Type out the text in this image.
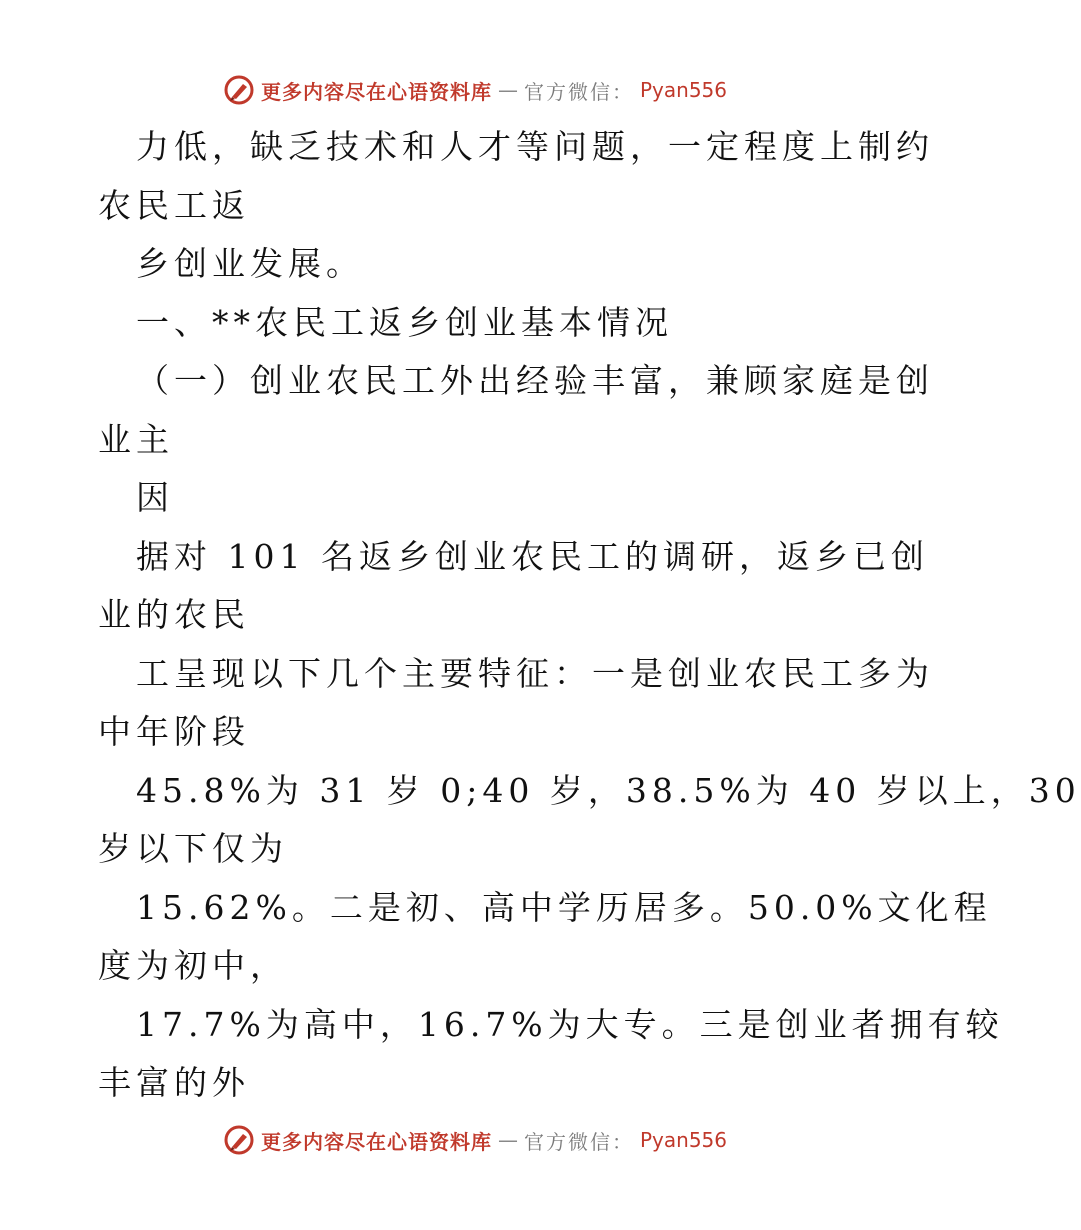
更多内容尽在心语资料库 — 官方微信： Pyan556
力低，缺乏技术和人才等问题，一定程度上制约
农民工返
乡创业发展。
一、**农民工返乡创业基本情况
（一）创业农民工外出经验丰富，兼顾家庭是创
业主
因
据对 101 名返乡创业农民工的调研，返乡已创
业的农民
工呈现以下几个主要特征：一是创业农民工多为
中年阶段
45.8%为 31 岁 0;40 岁，38.5%为 40 岁以上，30
岁以下仅为
15.62%。二是初、高中学历居多。50.0%文化程
度为初中，
17.7%为高中，16.7%为大专。三是创业者拥有较
丰富的外
更多内容尽在心语资料库 — 官方微信： Pyan556
